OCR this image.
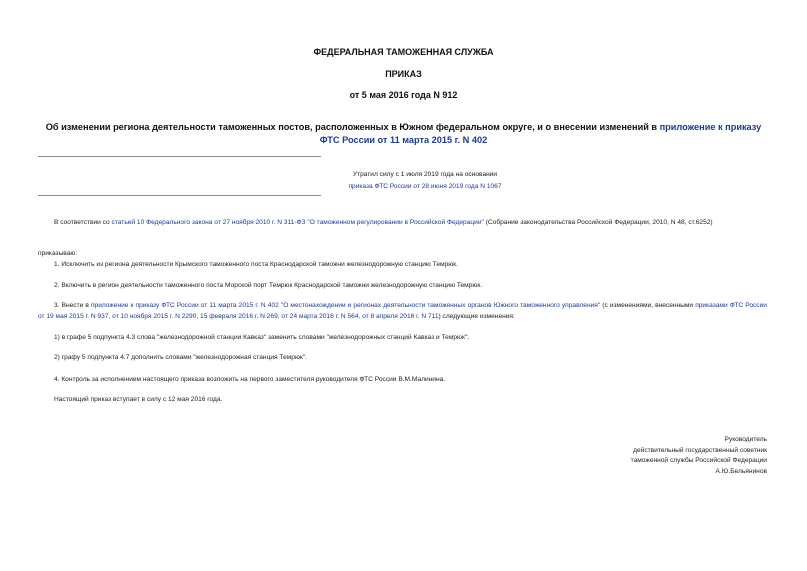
ФЕДЕРАЛЬНАЯ ТАМОЖЕННАЯ СЛУЖБА
ПРИКАЗ
от 5 мая 2016 года N 912
Об изменении региона деятельности таможенных постов, расположенных в Южном федеральном округе, и о внесении изменений в приложение к приказу ФТС России от 11 марта 2015 г. N 402
Утратил силу с 1 июля 2019 года на основании
приказа ФТС России от 28 июня 2019 года N 1067
В соответствии со статьей 10 Федерального закона от 27 ноября 2010 г. N 311-ФЗ "О таможенном регулировании в Российской Федерации" (Собрание законодательства Российской Федерации, 2010, N 48, ст.6252)
приказываю:
1. Исключить из региона деятельности Крымского таможенного поста Краснодарской таможни железнодорожную станцию Темрюк.
2. Включить в регион деятельности таможенного поста Морской порт Темрюк Краснодарской таможни железнодорожную станцию Темрюк.
3. Внести в приложение к приказу ФТС России от 11 марта 2015 г. N 402 "О местонахождении и регионах деятельности таможенных органов Южного таможенного управления" (с изменениями, внесенными приказами ФТС России от 19 мая 2015 г. N 937, от 10 ноября 2015 г. N 2290, 15 февраля 2016 г. N 269, от 24 марта 2016 г. N 564, от 8 апреля 2016 г. N 711) следующие изменения:
1) в графе 5 подпункта 4.3 слова "железнодорожной станции Кавказ" заменить словами "железнодорожных станций Кавказ и Темрюк";
2) графу 5 подпункта 4.7 дополнить словами "железнодорожная станция Темрюк".
4. Контроль за исполнением настоящего приказа возложить на первого заместителя руководителя ФТС России В.М.Малинина.
Настоящий приказ вступает в силу с 12 мая 2016 года.
Руководитель
действительный государственный советник
таможенной службы Российской Федерации
А.Ю.Бельянинов
